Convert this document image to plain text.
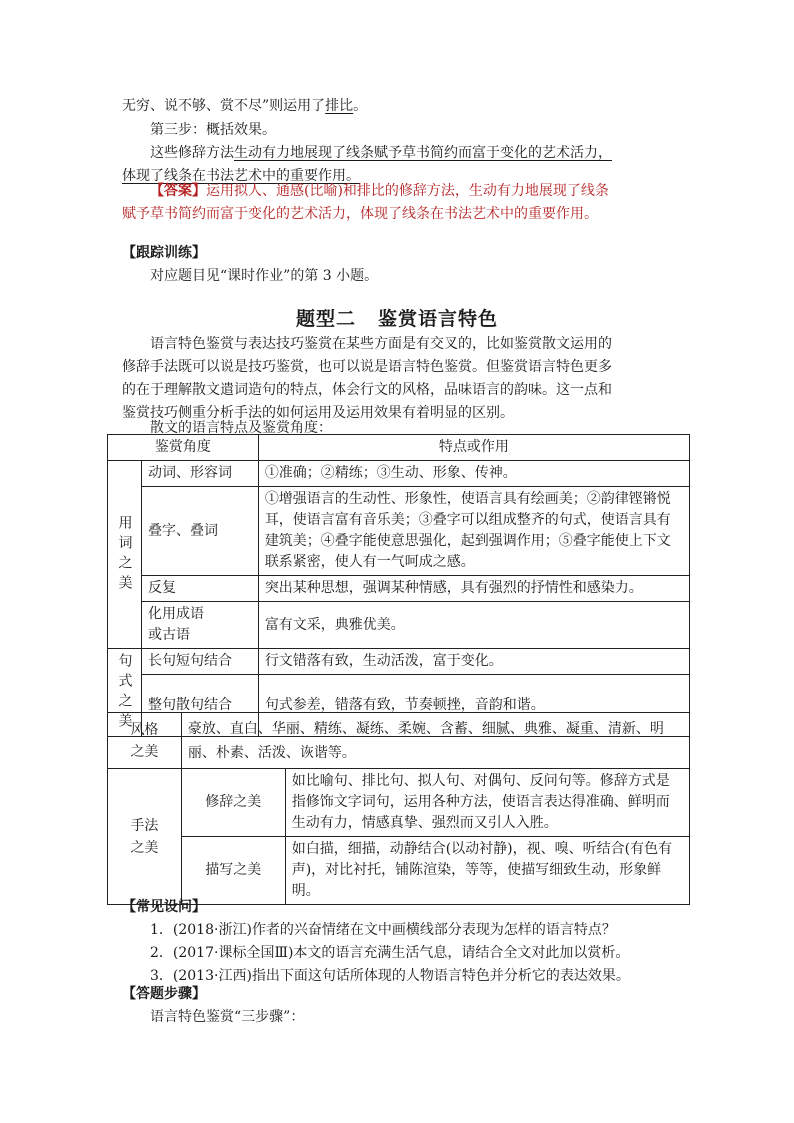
无穷、说不够、赏不尽”则运用了排比。
第三步：概括效果。
这些修辞方法生动有力地展现了线条赋予草书简约而富于变化的艺术活力，
体现了线条在书法艺术中的重要作用。
【答案】运用拟人、通感(比喻)和排比的修辞方法，生动有力地展现了线条
赋予草书简约而富于变化的艺术活力，体现了线条在书法艺术中的重要作用。
【跟踪训练】
对应题目见“课时作业”的第 3 小题。
题型二 鉴赏语言特色
语言特色鉴赏与表达技巧鉴赏在某些方面是有交叉的，比如鉴赏散文运用的
修辞手法既可以说是技巧鉴赏，也可以说是语言特色鉴赏。但鉴赏语言特色更多
的在于理解散文遣词造句的特点，体会行文的风格，品味语言的韵味。这一点和
鉴赏技巧侧重分析手法的如何运用及运用效果有着明显的区别。
散文的语言特点及鉴赏角度：
鉴赏角度		特点或作用
用词之美	动词、形容词	①准确；②精练；③生动、形象、传神。
	叠字、叠词	①增强语言的生动性、形象性，使语言具有绘画美；②韵律铿锵悦耳，使语言富有音乐美；③叠字可以组成整齐的句式，使语言具有建筑美；④叠字能使意思强化，起到强调作用；⑤叠字能使上下文联系紧密，使人有一气呵成之感。
	反复	突出某种思想，强调某种情感，具有强烈的抒情性和感染力。

	化用成语
或古语	富有文采，典雅优美。
句式之美	长句短句结合	行文错落有致，生动活泼，富于变化。
	整句散句结合	句式参差，错落有致，节奏顿挫，音韵和谐。
风格
之美	豪放、直白、华丽、精练、凝练、柔婉、含蓄、细腻、典雅、凝重、清新、明丽、朴素、活泼、诙谐等。	

手法
之美	修辞之美	如比喻句、排比句、拟人句、对偶句、反问句等。修辞方式是指修饰文字词句，运用各种方法，使语言表达得准确、鲜明而生动有力，情感真挚、强烈而又引人入胜。
	描写之美	如白描，细描，动静结合(以动衬静)，视、嗅、听结合(有色有声)，对比衬托，铺陈渲染，等等，使描写细致生动，形象鲜明。
【常见设问】
1．(2018·浙江)作者的兴奋情绪在文中画横线部分表现为怎样的语言特点？
2．(2017·课标全国Ⅲ)本文的语言充满生活气息，请结合全文对此加以赏析。
3．(2013·江西)指出下面这句话所体现的人物语言特色并分析它的表达效果。
【答题步骤】
语言特色鉴赏“三步骤”：
